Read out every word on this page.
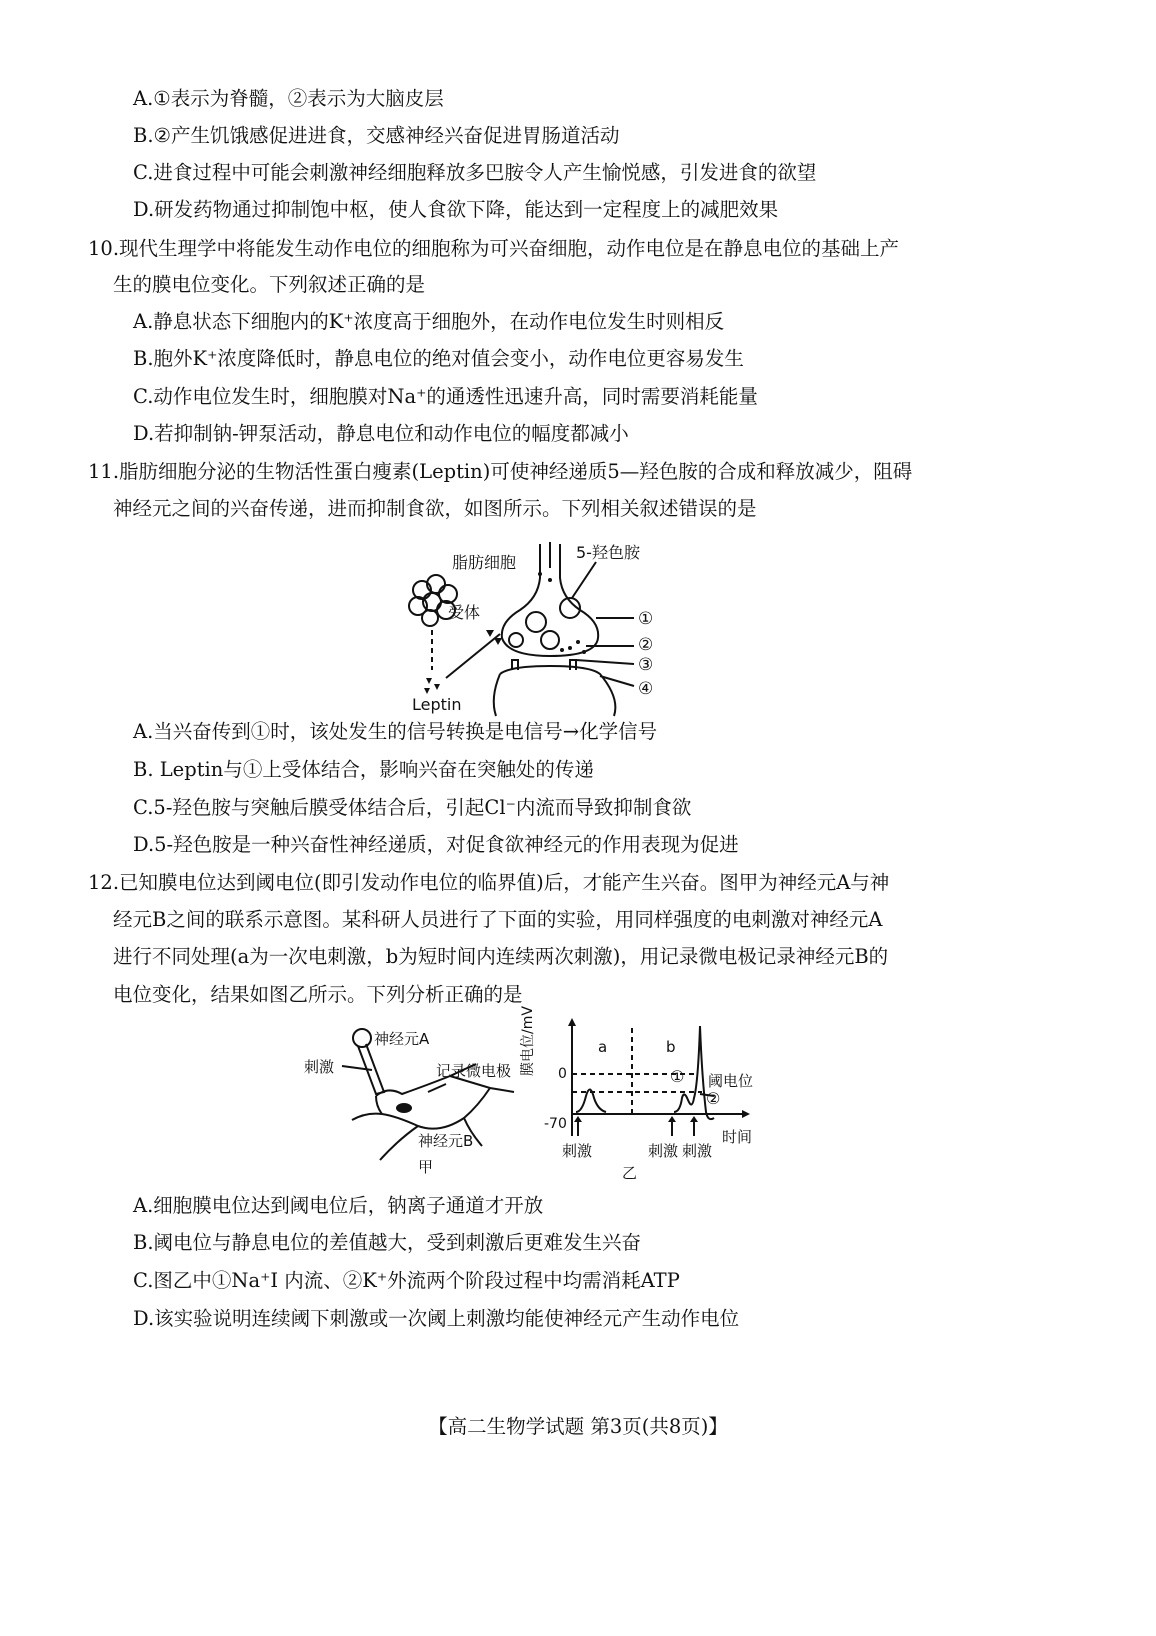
A.①表示为脊髓，②表示为大脑皮层
B.②产生饥饿感促进进食，交感神经兴奋促进胃肠道活动
C.进食过程中可能会刺激神经细胞释放多巴胺令人产生愉悦感，引发进食的欲望
D.研发药物通过抑制饱中枢，使人食欲下降，能达到一定程度上的减肥效果
10.现代生理学中将能发生动作电位的细胞称为可兴奋细胞，动作电位是在静息电位的基础上产
生的膜电位变化。下列叙述正确的是
A.静息状态下细胞内的K⁺浓度高于细胞外，在动作电位发生时则相反
B.胞外K⁺浓度降低时，静息电位的绝对值会变小，动作电位更容易发生
C.动作电位发生时，细胞膜对Na⁺的通透性迅速升高，同时需要消耗能量
D.若抑制钠-钾泵活动，静息电位和动作电位的幅度都减小
11.脂肪细胞分泌的生物活性蛋白瘦素(Leptin)可使神经递质5—羟色胺的合成和释放减少，阻碍
神经元之间的兴奋传递，进而抑制食欲，如图所示。下列相关叙述错误的是
脂肪细胞
5-羟色胺
受体
Leptin
①
②
③
④
A.当兴奋传到①时，该处发生的信号转换是电信号→化学信号
B. Leptin与①上受体结合，影响兴奋在突触处的传递
C.5-羟色胺与突触后膜受体结合后，引起Cl⁻内流而导致抑制食欲
D.5-羟色胺是一种兴奋性神经递质，对促食欲神经元的作用表现为促进
12.已知膜电位达到阈电位(即引发动作电位的临界值)后，才能产生兴奋。图甲为神经元A与神
经元B之间的联系示意图。某科研人员进行了下面的实验，用同样强度的电刺激对神经元A
进行不同处理(a为一次电刺激，b为短时间内连续两次刺激)，用记录微电极记录神经元B的
电位变化，结果如图乙所示。下列分析正确的是
神经元A
刺激	记录微电极
神经元B
甲
膜电位/mV 0
-70
a	b
阈电位
①
②
时间
刺激	刺激 刺激
乙
A.细胞膜电位达到阈电位后，钠离子通道才开放
B.阈电位与静息电位的差值越大，受到刺激后更难发生兴奋
C.图乙中①Na⁺I 内流、②K⁺外流两个阶段过程中均需消耗ATP
D.该实验说明连续阈下刺激或一次阈上刺激均能使神经元产生动作电位
【高二生物学试题 第3页(共8页)】
